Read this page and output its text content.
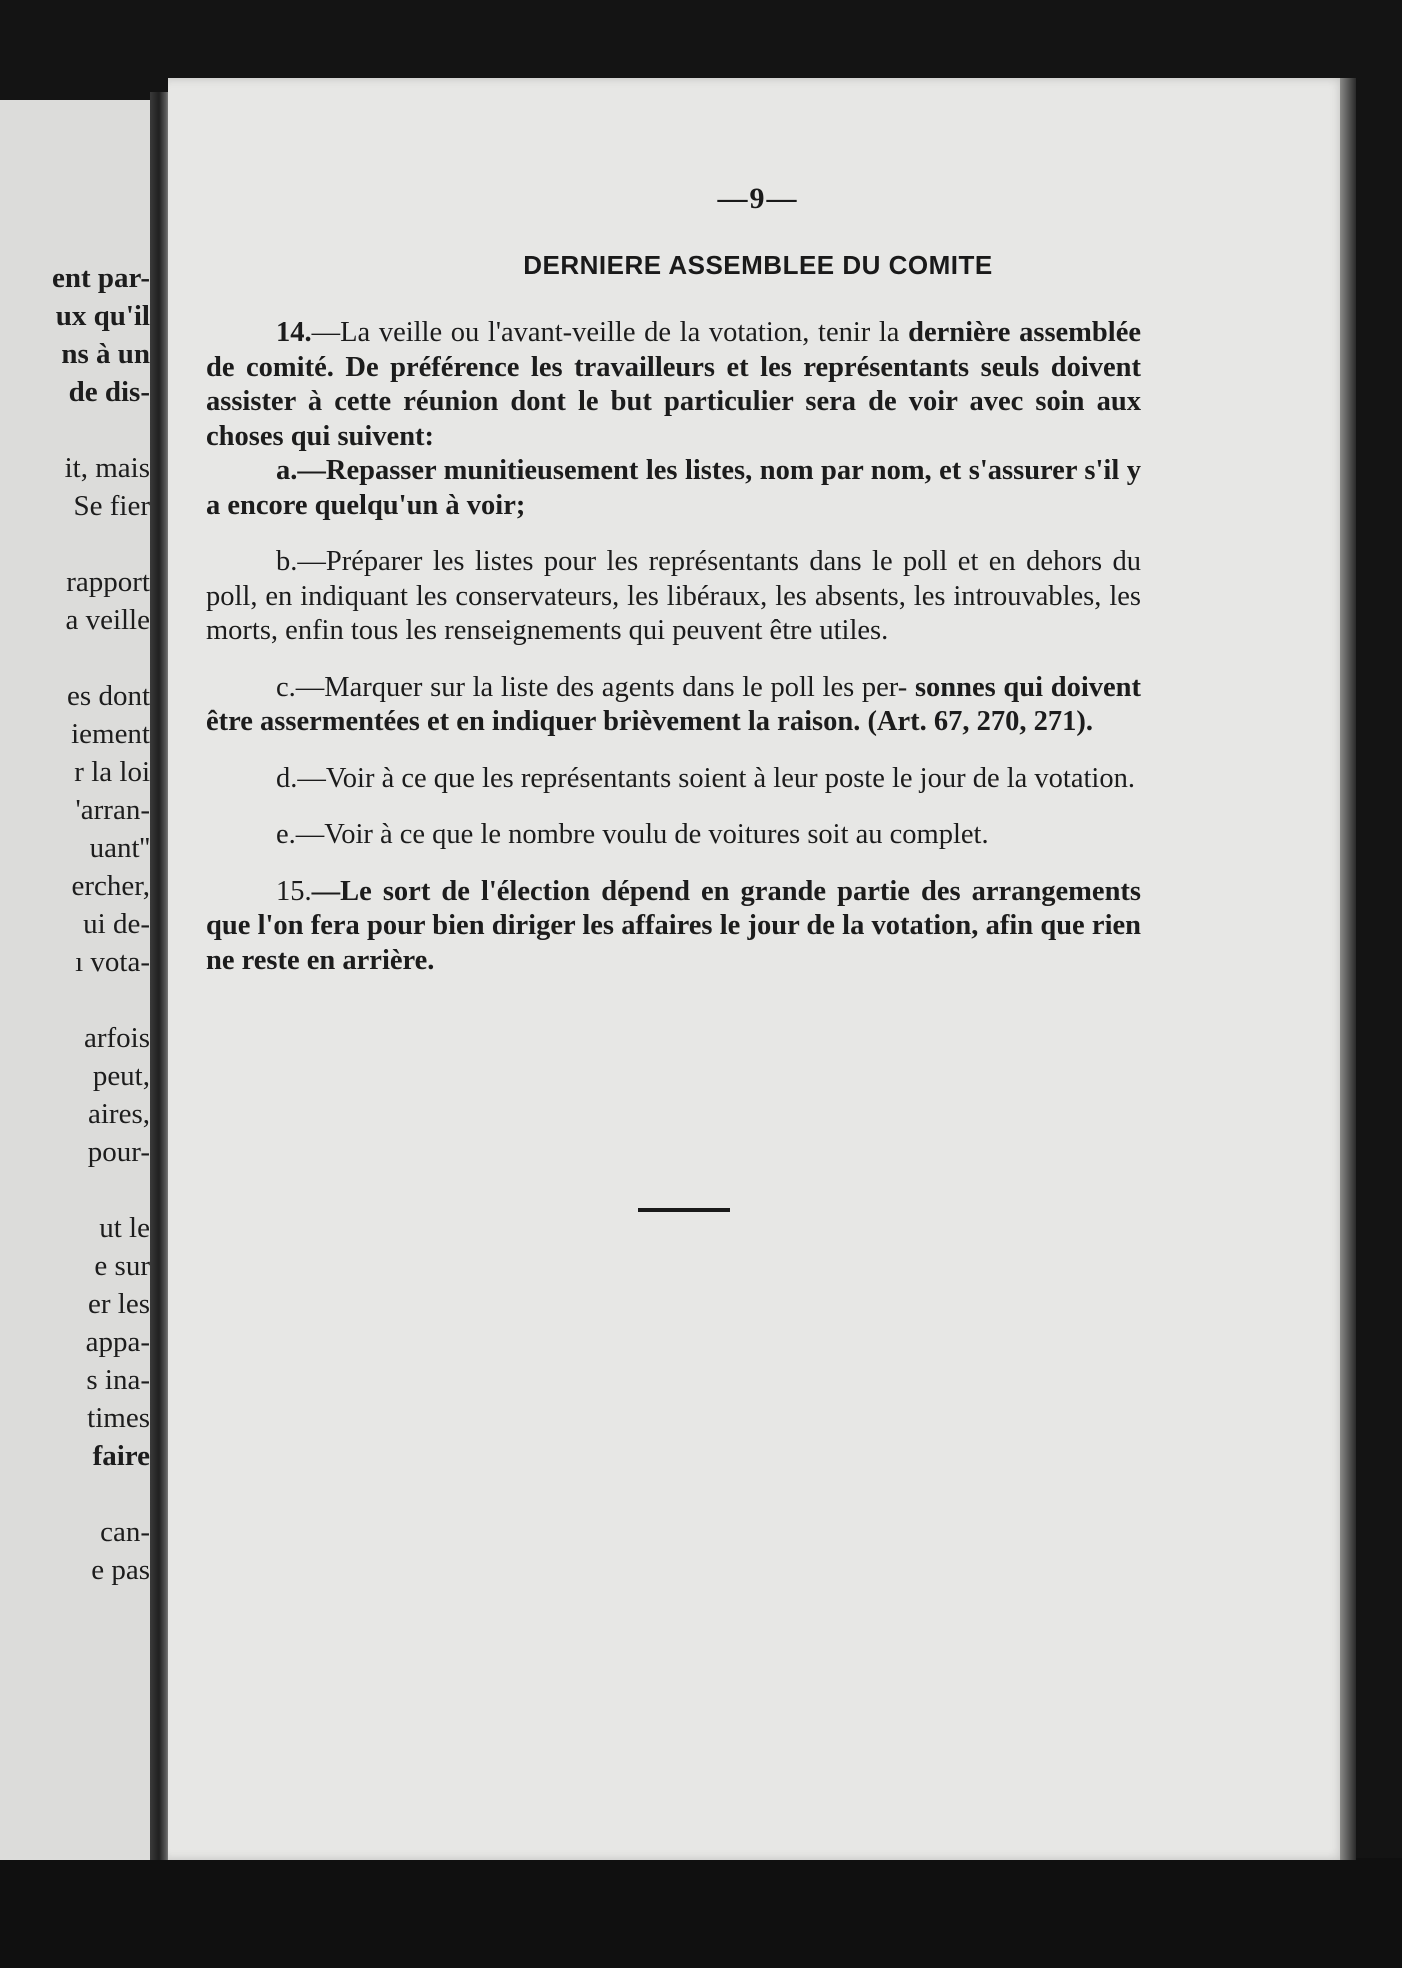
ent par-
ux qu'il
ns à un
de dis-
it, mais
Se fier
rapport
a veille
es dont
iement
r la loi
'arran-
uant''
ercher,
ui de-
ı vota-
arfois
peut,
aires,
pour-
ut le
e sur
er les
appa-
s ina-
times
faire
can-
e pas
—9—
DERNIERE ASSEMBLEE DU COMITE

14.—La veille ou l'avant-veille de la votation, tenir la dernière assemblée de comité. De préférence les travailleurs et les représentants seuls doivent assister à cette réunion dont le but particulier sera de voir avec soin aux choses qui suivent:

a.—Repasser munitieusement les listes, nom par nom, et s'assurer s'il y a encore quelqu'un à voir;

b.—Préparer les listes pour les représentants dans le poll et en dehors du poll, en indiquant les conservateurs, les libéraux, les absents, les introuvables, les morts, enfin tous les renseignements qui peuvent être utiles.

c.—Marquer sur la liste des agents dans le poll les per- sonnes qui doivent être assermentées et en indiquer brièvement la raison. (Art. 67, 270, 271).

d.—Voir à ce que les représentants soient à leur poste le jour de la votation.

e.—Voir à ce que le nombre voulu de voitures soit au complet.

15.—Le sort de l'élection dépend en grande partie des arrangements que l'on fera pour bien diriger les affaires le jour de la votation, afin que rien ne reste en arrière.
